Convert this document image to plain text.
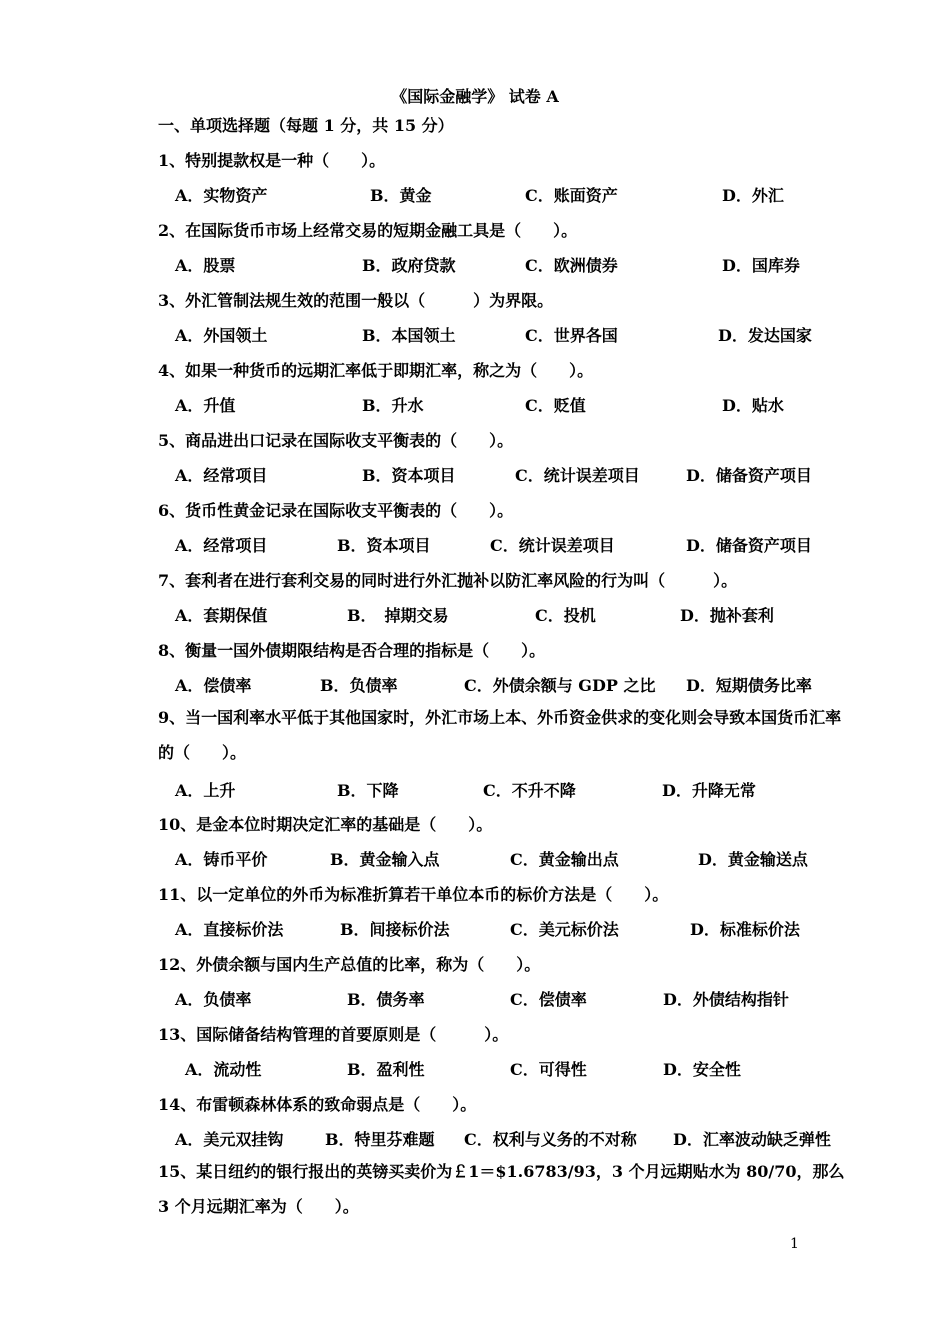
《国际金融学》 试卷 A
一、单项选择题（每题 1 分，共 15 分）
1、特别提款权是一种（　　）。
A．实物资产	B．黄金	C．账面资产	D．外汇
2、在国际货币市场上经常交易的短期金融工具是（　　）。
A．股票	B．政府贷款	C．欧洲债券	D．国库券
3、外汇管制法规生效的范围一般以（　　　）为界限。
A．外国领土	B．本国领土	C．世界各国	D．发达国家
4、如果一种货币的远期汇率低于即期汇率，称之为（　　）。
A．升值	B．升水	C．贬值	D．贴水
5、商品进出口记录在国际收支平衡表的（　　）。
A．经常项目	B．资本项目	C．统计误差项目	D．储备资产项目
6、货币性黄金记录在国际收支平衡表的（　　）。
A．经常项目	B．资本项目	C．统计误差项目	D．储备资产项目
7、套利者在进行套利交易的同时进行外汇抛补以防汇率风险的行为叫（　　　）。
A．套期保值	B．　掉期交易	C．投机	D．抛补套利
8、衡量一国外债期限结构是否合理的指标是（　　）。
A．偿债率	B．负债率	C．外债余额与 GDP 之比 D．短期债务比率
9、当一国利率水平低于其他国家时，外汇市场上本、外币资金供求的变化则会导致本国货币汇率的（　　）。
A．上升	B．下降	C．不升不降	D．升降无常
10、是金本位时期决定汇率的基础是（　　）。
A．铸币平价	B．黄金输入点	C．黄金输出点	D．黄金输送点
11、以一定单位的外币为标准折算若干单位本币的标价方法是（　　）。
A．直接标价法	B．间接标价法	C．美元标价法	D．标准标价法
12、外债余额与国内生产总值的比率，称为（　　）。
A．负债率	B．债务率	C．偿债率	D．外债结构指针
13、国际储备结构管理的首要原则是（　　　）。
A．流动性	B．盈利性	C．可得性	D．安全性
14、布雷顿森林体系的致命弱点是（　　）。
A．美元双挂钩	B．特里芬难题 C．权利与义务的不对称 D．汇率波动缺乏弹性
15、某日纽约的银行报出的英镑买卖价为￡1＝$1.6783/93，3 个月远期贴水为 80/70，那么 3 个月远期汇率为（　　）。
1
